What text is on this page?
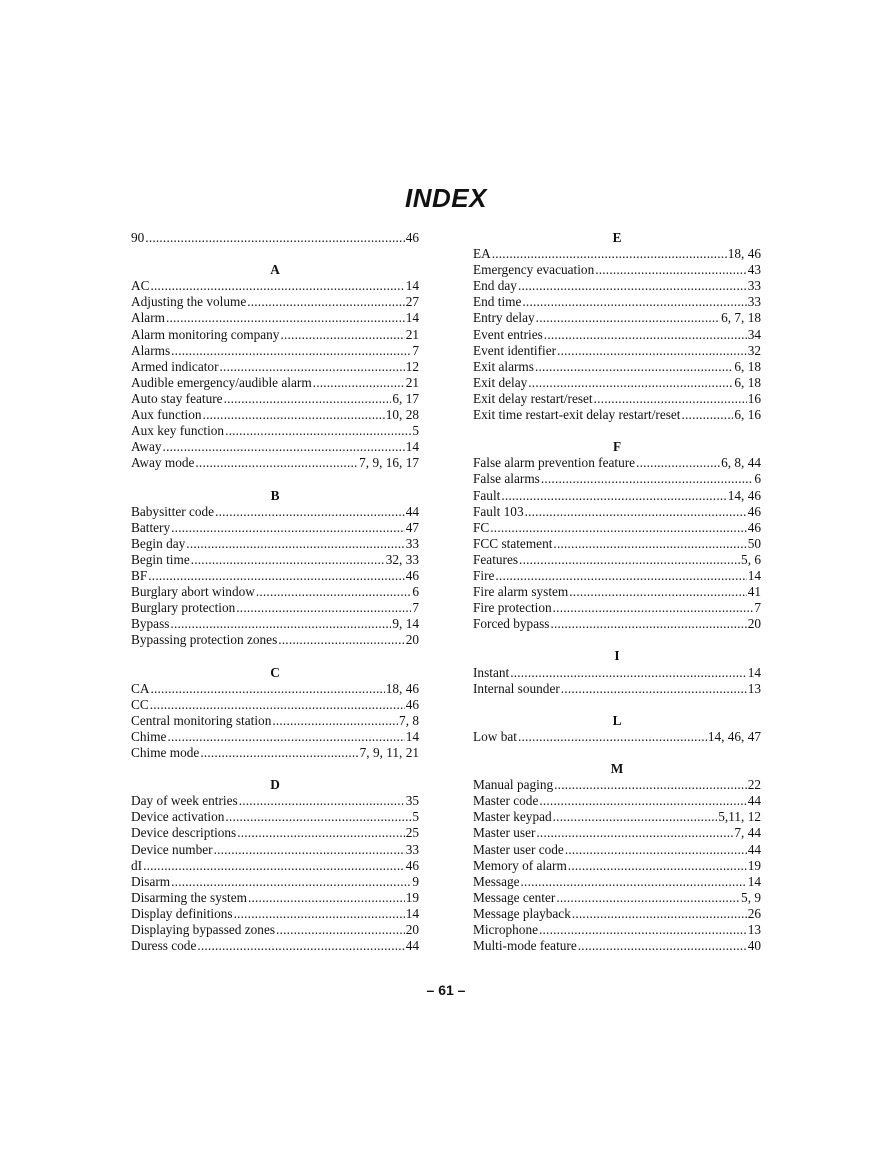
INDEX
90 .....	46
A
AC .....	14
Adjusting the volume .....	27
Alarm .....	14
Alarm monitoring company .....	21
Alarms .....	7
Armed indicator .....	12
Audible emergency/audible alarm .....	21
Auto stay feature .....	6, 17
Aux function .....	10, 28
Aux key function .....	5
Away .....	14
Away mode .....	7, 9, 16, 17
B
Babysitter code .....	44
Battery .....	47
Begin day .....	33
Begin time .....	32, 33
BF .....	46
Burglary abort window .....	6
Burglary protection .....	7
Bypass .....	9, 14
Bypassing protection zones .....	20
C
CA .....	18, 46
CC .....	46
Central monitoring station .....	7, 8
Chime .....	14
Chime mode .....	7, 9, 11, 21
D
Day of week entries .....	35
Device activation .....	5
Device descriptions .....	25
Device number .....	33
dI .....	46
Disarm .....	9
Disarming the system .....	19
Display definitions .....	14
Displaying bypassed zones .....	20
Duress code .....	44
E
EA .....	18, 46
Emergency evacuation .....	43
End day .....	33
End time .....	33
Entry delay .....	6, 7, 18
Event entries .....	34
Event identifier .....	32
Exit alarms .....	6, 18
Exit delay .....	6, 18
Exit delay restart/reset .....	16
Exit time restart-exit delay restart/reset .....	6, 16
F
False alarm prevention feature .....	6, 8, 44
False alarms .....	6
Fault .....	14, 46
Fault 103 .....	46
FC .....	46
FCC statement .....	50
Features .....	5, 6
Fire .....	14
Fire alarm system .....	41
Fire protection .....	7
Forced bypass .....	20
I
Instant .....	14
Internal sounder .....	13
L
Low bat .....	14, 46, 47
M
Manual paging .....	22
Master code .....	44
Master keypad .....	5,11, 12
Master user .....	7, 44
Master user code .....	44
Memory of alarm .....	19
Message .....	14
Message center .....	5, 9
Message playback .....	26
Microphone .....	13
Multi-mode feature .....	40
– 61 –
